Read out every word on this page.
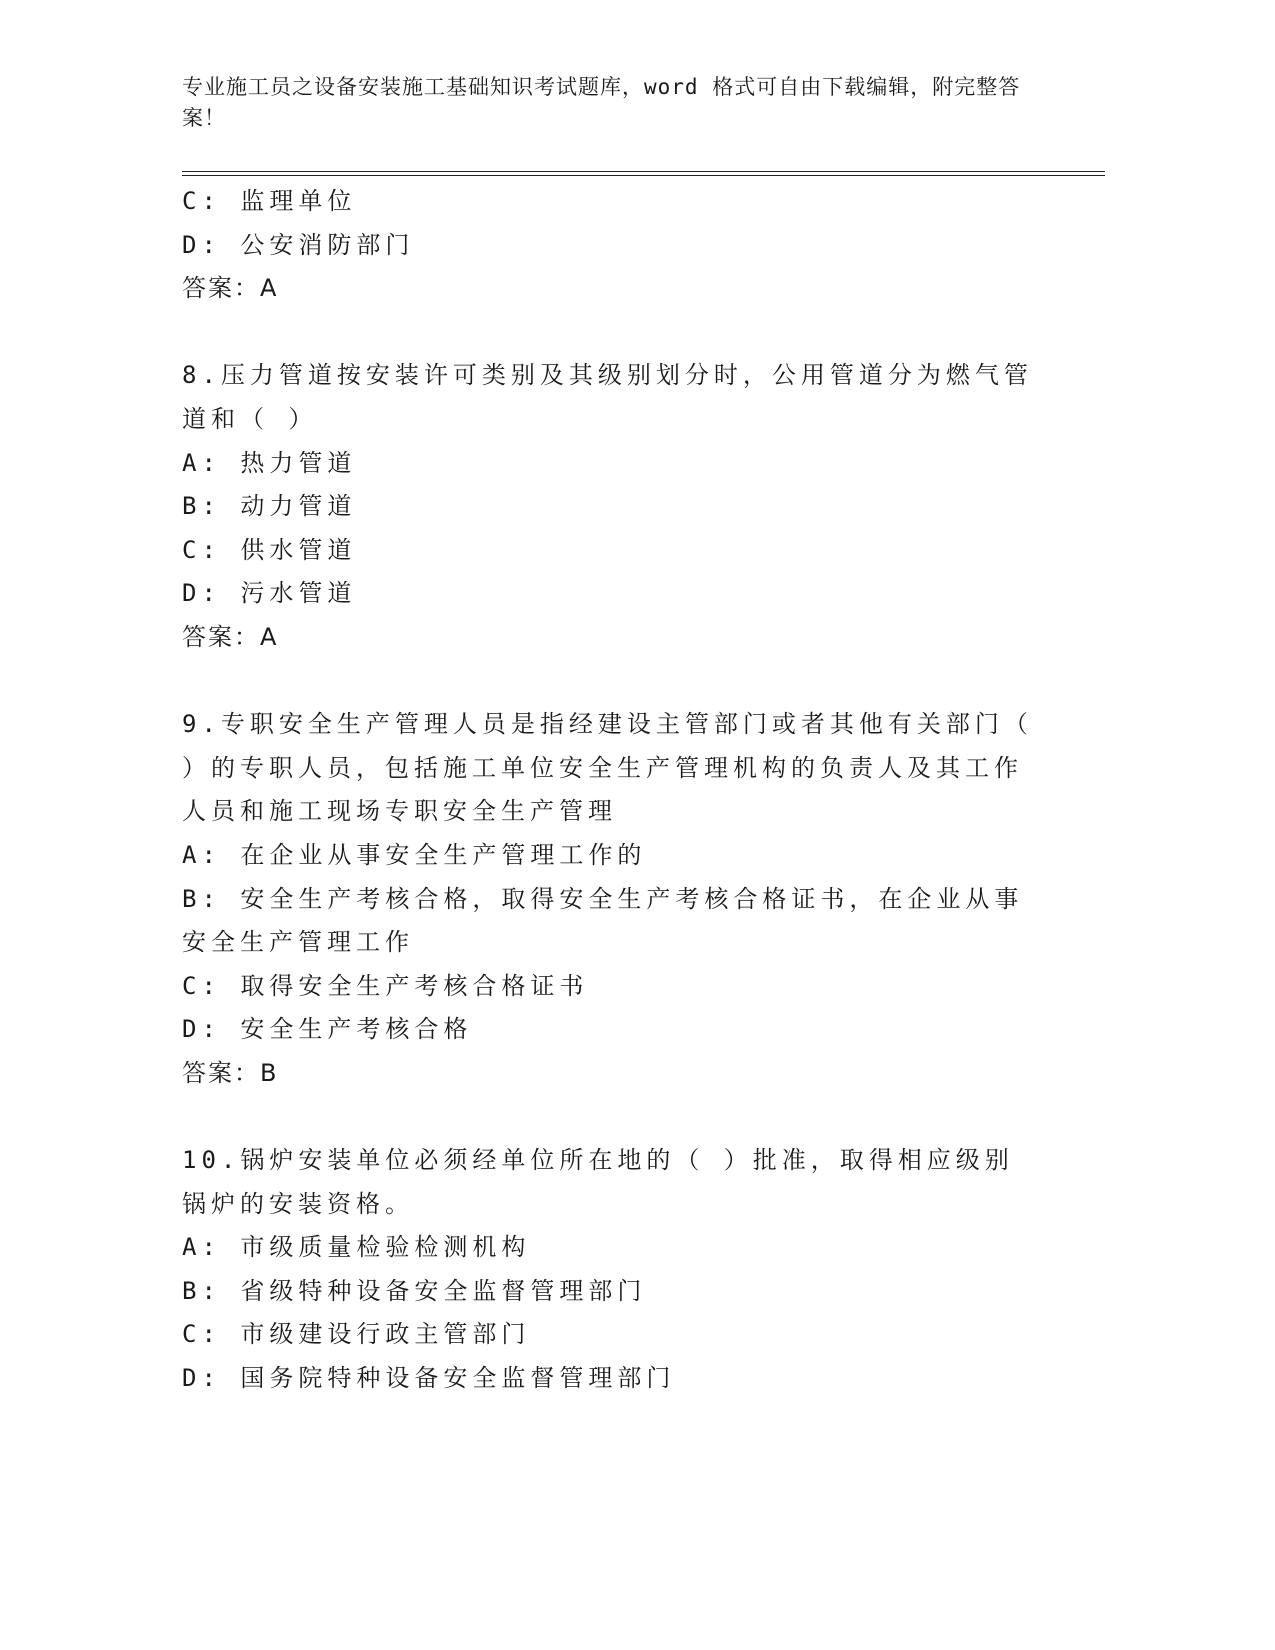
专业施工员之设备安装施工基础知识考试题库，word 格式可自由下载编辑，附完整答案！

C: 监理单位

D: 公安消防部门

答案：A

8.压力管道按安装许可类别及其级别划分时，公用管道分为燃气管道和（ ）

A: 热力管道

B: 动力管道

C: 供水管道

D: 污水管道

答案：A

9.专职安全生产管理人员是指经建设主管部门或者其他有关部门（ ）的专职人员，包括施工单位安全生产管理机构的负责人及其工作人员和施工现场专职安全生产管理

A: 在企业从事安全生产管理工作的

B: 安全生产考核合格，取得安全生产考核合格证书，在企业从事安全生产管理工作

C: 取得安全生产考核合格证书

D: 安全生产考核合格

答案：B

10.锅炉安装单位必须经单位所在地的（ ）批准，取得相应级别锅炉的安装资格。

A: 市级质量检验检测机构

B: 省级特种设备安全监督管理部门

C: 市级建设行政主管部门

D: 国务院特种设备安全监督管理部门
